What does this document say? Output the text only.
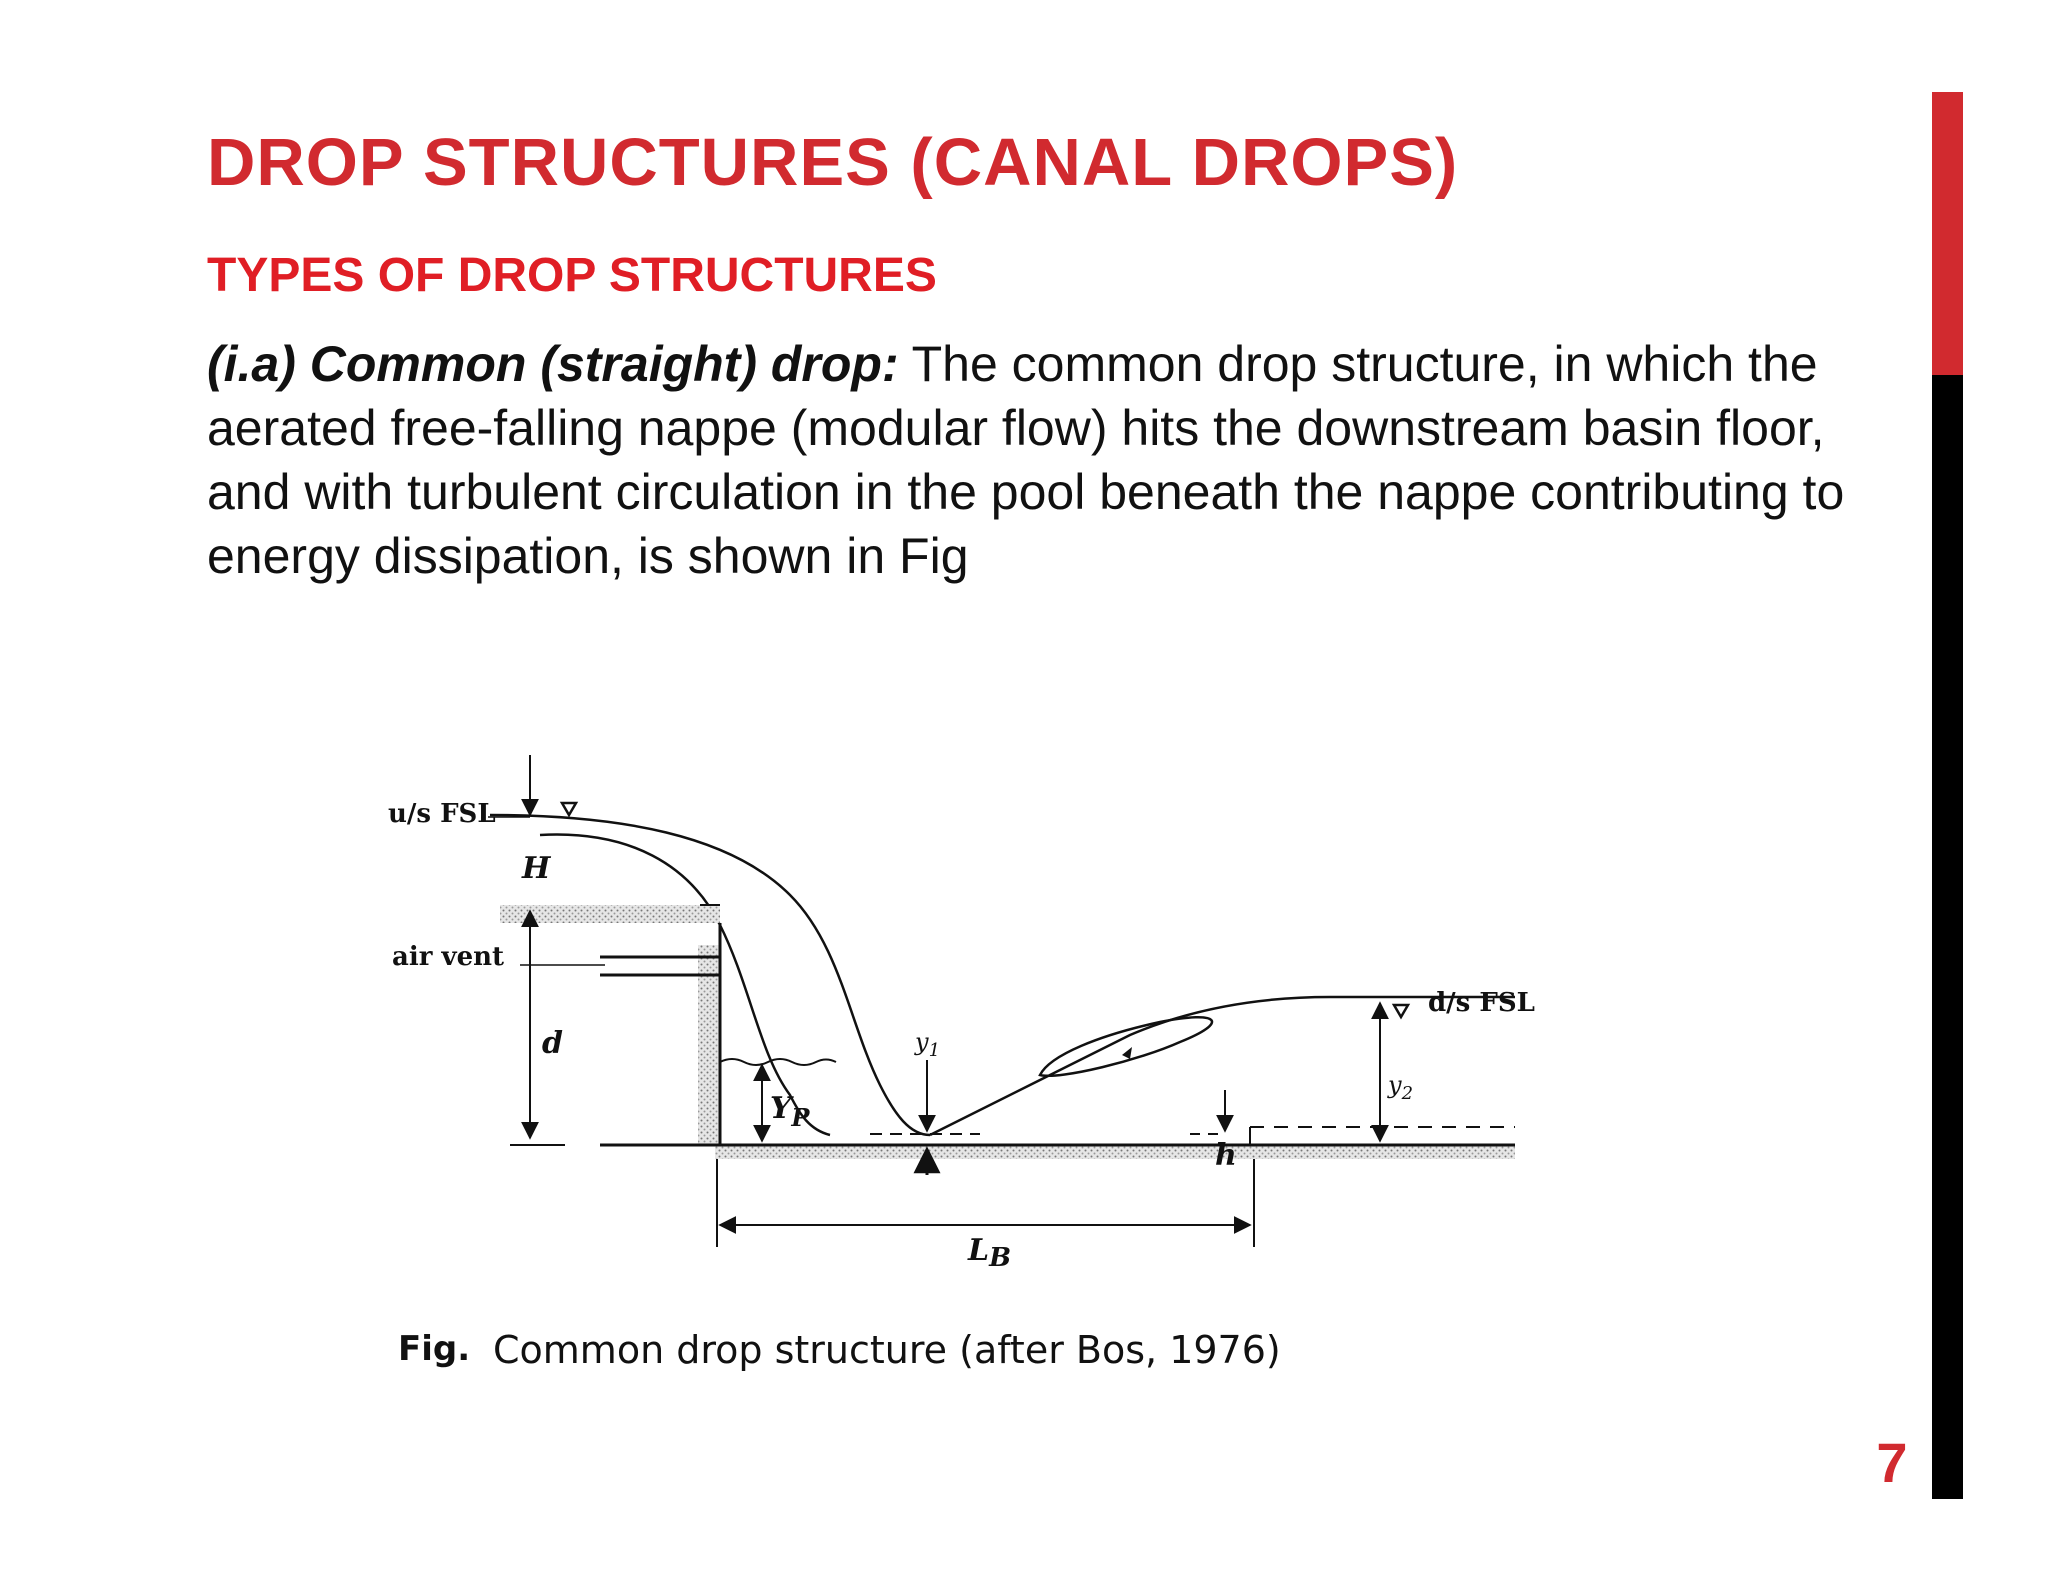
DROP STRUCTURES (CANAL DROPS)
TYPES OF DROP STRUCTURES
(i.a) Common (straight) drop: The common drop structure, in which the aerated free-falling nappe (modular flow) hits the downstream basin floor, and with turbulent circulation in the pool beneath the nappe contributing to energy dissipation, is shown in Fig
7
u/s FSL
H
air vent
d
$Y_P$
$y_1$
h
$y_2$
d/s FSL
LB
Fig. Common drop structure (after Bos, 1976)
